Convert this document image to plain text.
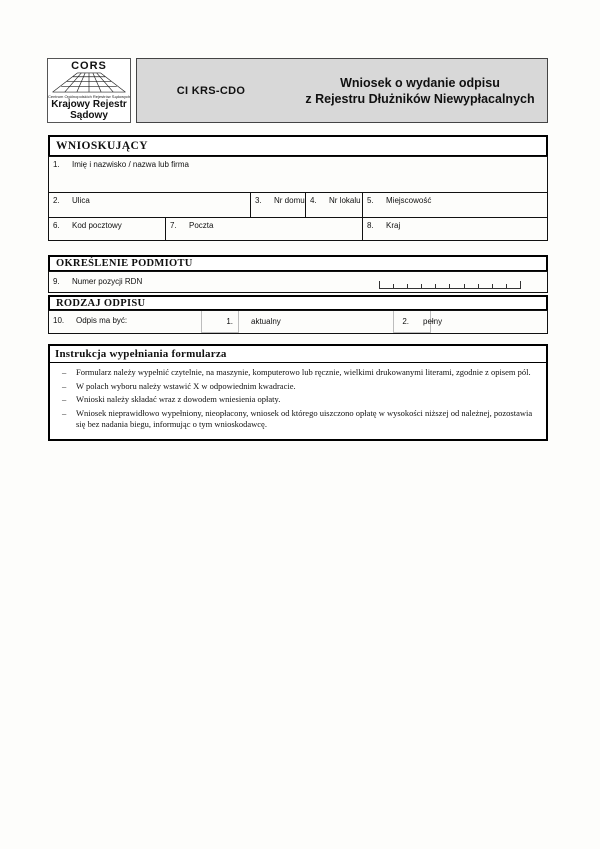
CORS
Centrum Ogólnopolskich Rejestrów Sądowych
Krajowy Rejestr
Sądowy
CI KRS-CDO
Wniosek o wydanie odpisu
z Rejestru Dłużników Niewypłacalnych
WNIOSKUJĄCY
1.	Imię i nazwisko / nazwa lub firma
2.	Ulica	3.	Nr domu 4.	Nr lokalu 5.	Miejscowość
6.	Kod pocztowy	7.	Poczta	8.	Kraj
OKREŚLENIE PODMIOTU
9.	Numer pozycji RDN
RODZAJ ODPISU
10.	Odpis ma być:	1. aktualny	2. pełny
Instrukcja wypełniania formularza
–	Formularz należy wypełnić czytelnie, na maszynie, komputerowo lub ręcznie, wielkimi drukowanymi literami, zgodnie z opisem pól.
–	W polach wyboru należy wstawić X w odpowiednim kwadracie.
–	Wnioski należy składać wraz z dowodem wniesienia opłaty.
–	Wniosek nieprawidłowo wypełniony, nieopłacony, wniosek od którego uiszczono opłatę w wysokości niższej od należnej, pozostawia się bez nadania biegu, informując o tym wnioskodawcę.
